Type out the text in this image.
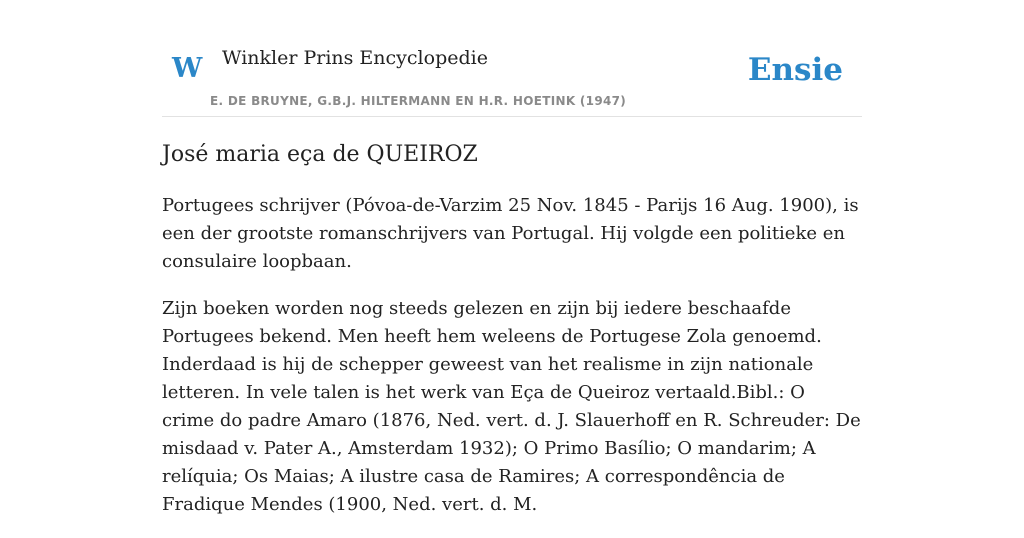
W Winkler Prins Encyclopedie
E. DE BRUYNE, G.B.J. HILTERMANN EN H.R. HOETINK (1947)
Ensie
José maria eça de QUEIROZ

Portugees schrijver (Póvoa-de-Varzim 25 Nov. 1845 - Parijs 16 Aug. 1900), is een der grootste romanschrijvers van Portugal. Hij volgde een politieke en consulaire loopbaan.

Zijn boeken worden nog steeds gelezen en zijn bij iedere beschaafde Portugees bekend. Men heeft hem weleens de Portugese Zola genoemd. Inderdaad is hij de schepper geweest van het realisme in zijn nationale letteren. In vele talen is het werk van Eça de Queiroz vertaald.Bibl.: O crime do padre Amaro (1876, Ned. vert. d. J. Slauerhoff en R. Schreuder: De misdaad v. Pater A., Amsterdam 1932); O Primo Basílio; O mandarim; A relíquia; Os Maias; A ilustre casa de Ramires; A correspondência de Fradique Mendes (1900, Ned. vert. d. M.
